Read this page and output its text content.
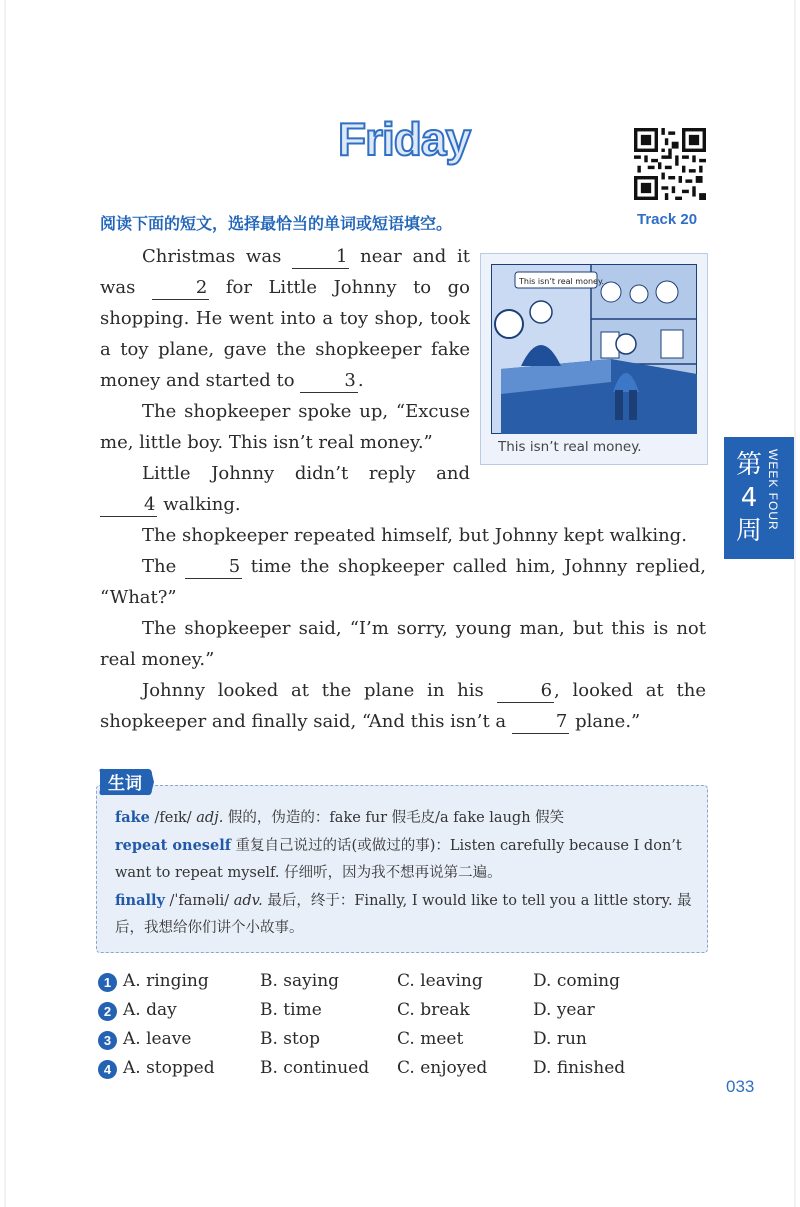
Friday
Track 20
阅读下面的短文，选择最恰当的单词或短语填空。
This isn’t real money.
This isn’t real money.

Christmas was	1 near and it was	2 for Little Johnny to go shopping. He went into a toy shop, took a toy plane, gave the shopkeeper fake money and started to	3 .

The shopkeeper spoke up, “Excuse me, little boy. This isn’t real money.”

Little Johnny didn’t reply and 4 walking.

The shopkeeper repeated himself, but Johnny kept walking.

The	5 time the shopkeeper called him, Johnny replied, “What?”

The shopkeeper said, “I’m sorry, young man, but this is not real money.”

Johnny looked at the plane in his	6 , looked at the shopkeeper and finally said, “And this isn’t a	7 plane.”

第4周
WEEK FOUR

fake /feɪk/ adj. 假的，伪造的：fake fur 假毛皮/a fake laugh 假笑

repeat oneself 重复自己说过的话(或做过的事)：Listen carefully because I don’t want to repeat myself. 仔细听，因为我不想再说第二遍。

finally /ˈfaɪnəli/ adv. 最后，终于：Finally, I would like to tell you a little story. 最后，我想给你们讲个小故事。

生词
1 A. ringing	B. saying	C. leaving	D. coming
2 A. day	B. time	C. break	D. year
3 A. leave	B. stop	C. meet	D. run
4 A. stopped	B. continued C. enjoyed	D. finished
033
